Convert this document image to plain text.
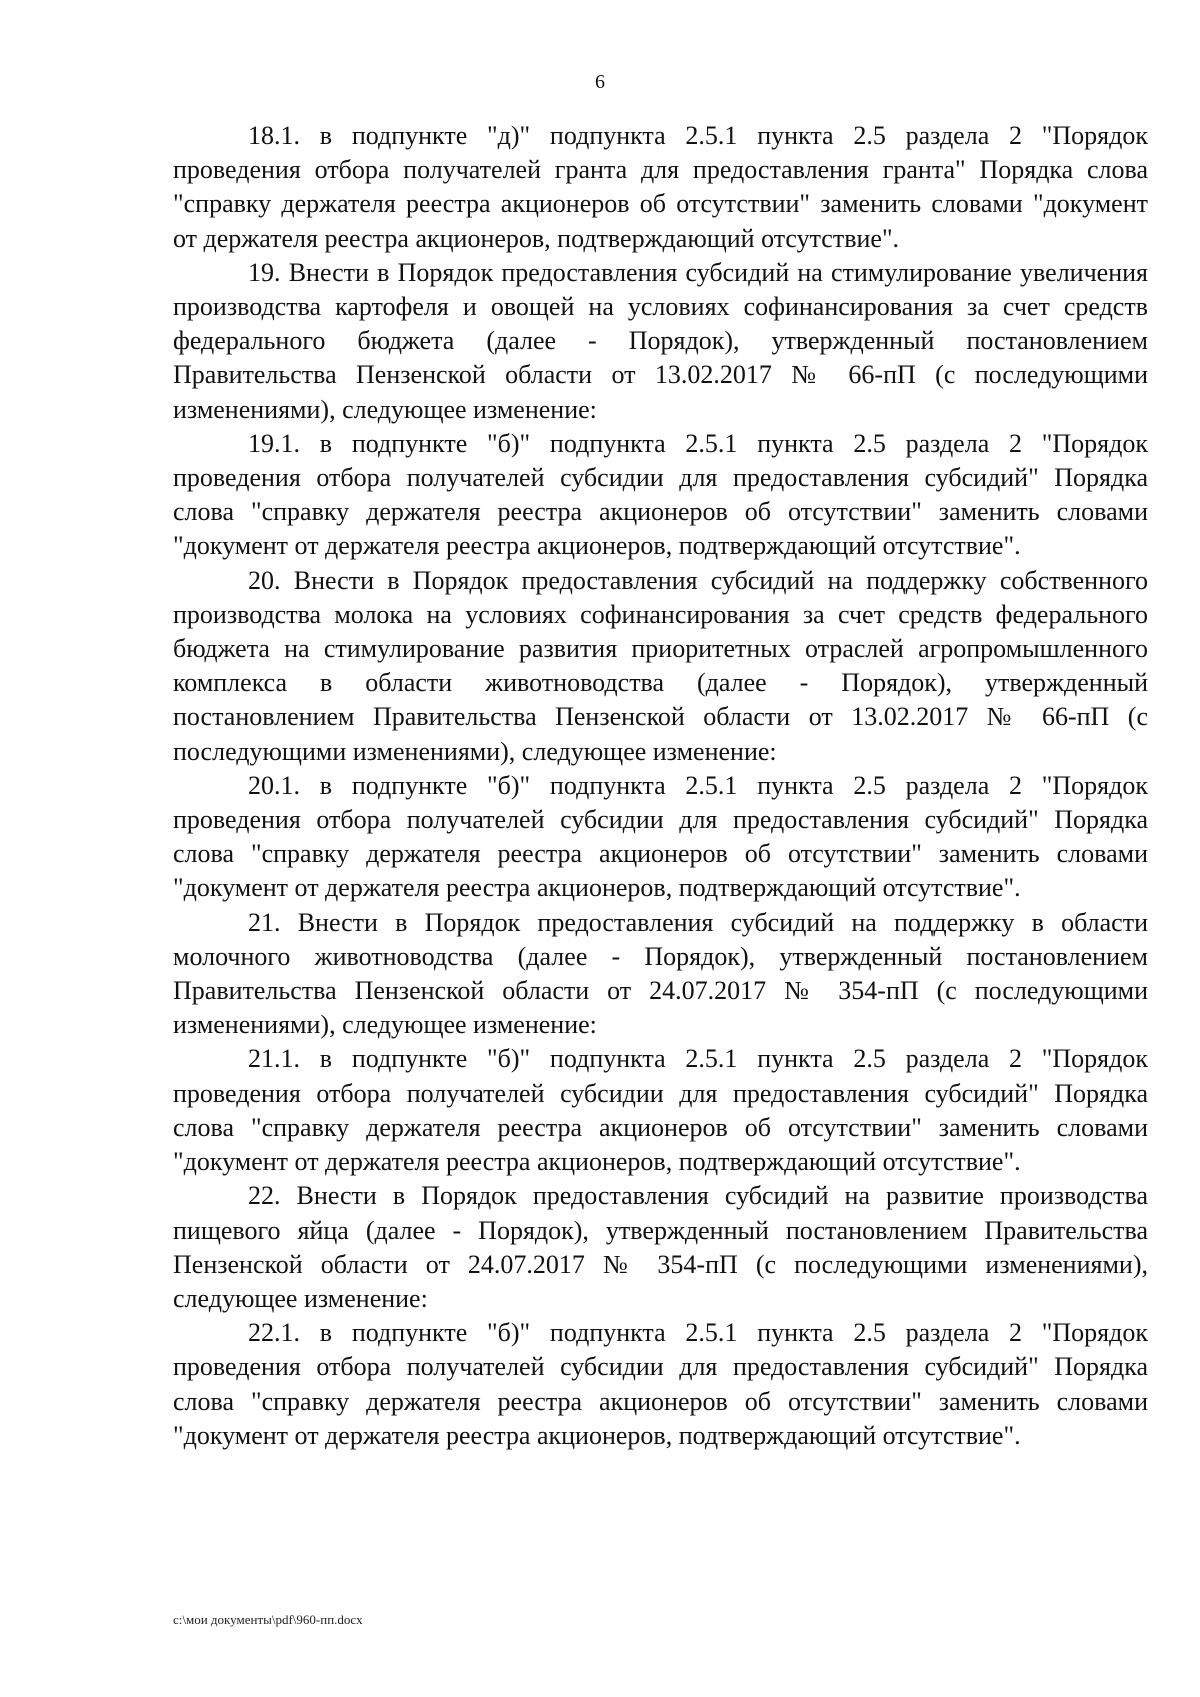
6

18.1. в подпункте "д)" подпункта 2.5.1 пункта 2.5 раздела 2 "Порядок проведения отбора получателей гранта для предоставления гранта" Порядка слова "справку держателя реестра акционеров об отсутствии" заменить словами "документ от держателя реестра акционеров, подтверждающий отсутствие".

19. Внести в Порядок предоставления субсидий на стимулирование увеличения производства картофеля и овощей на условиях софинансирования за счет средств федерального бюджета (далее - Порядок), утвержденный постановлением Правительства Пензенской области от 13.02.2017 № 66-пП (с последующими изменениями), следующее изменение:

19.1. в подпункте "б)" подпункта 2.5.1 пункта 2.5 раздела 2 "Порядок проведения отбора получателей субсидии для предоставления субсидий" Порядка слова "справку держателя реестра акционеров об отсутствии" заменить словами "документ от держателя реестра акционеров, подтверждающий отсутствие".

20. Внести в Порядок предоставления субсидий на поддержку собственного производства молока на условиях софинансирования за счет средств федерального бюджета на стимулирование развития приоритетных отраслей агропромышленного комплекса в области животноводства (далее - Порядок), утвержденный постановлением Правительства Пензенской области от 13.02.2017 № 66-пП (с последующими изменениями), следующее изменение:

20.1. в подпункте "б)" подпункта 2.5.1 пункта 2.5 раздела 2 "Порядок проведения отбора получателей субсидии для предоставления субсидий" Порядка слова "справку держателя реестра акционеров об отсутствии" заменить словами "документ от держателя реестра акционеров, подтверждающий отсутствие".

21. Внести в Порядок предоставления субсидий на поддержку в области молочного животноводства (далее - Порядок), утвержденный постановлением Правительства Пензенской области от 24.07.2017 № 354-пП (с последующими изменениями), следующее изменение:

21.1. в подпункте "б)" подпункта 2.5.1 пункта 2.5 раздела 2 "Порядок проведения отбора получателей субсидии для предоставления субсидий" Порядка слова "справку держателя реестра акционеров об отсутствии" заменить словами "документ от держателя реестра акционеров, подтверждающий отсутствие".

22. Внести в Порядок предоставления субсидий на развитие производства пищевого яйца (далее - Порядок), утвержденный постановлением Правительства Пензенской области от 24.07.2017 № 354-пП (с последующими изменениями), следующее изменение:

22.1. в подпункте "б)" подпункта 2.5.1 пункта 2.5 раздела 2 "Порядок проведения отбора получателей субсидии для предоставления субсидий" Порядка слова "справку держателя реестра акционеров об отсутствии" заменить словами "документ от держателя реестра акционеров, подтверждающий отсутствие".

c:\мои документы\pdf\960-пп.docx
